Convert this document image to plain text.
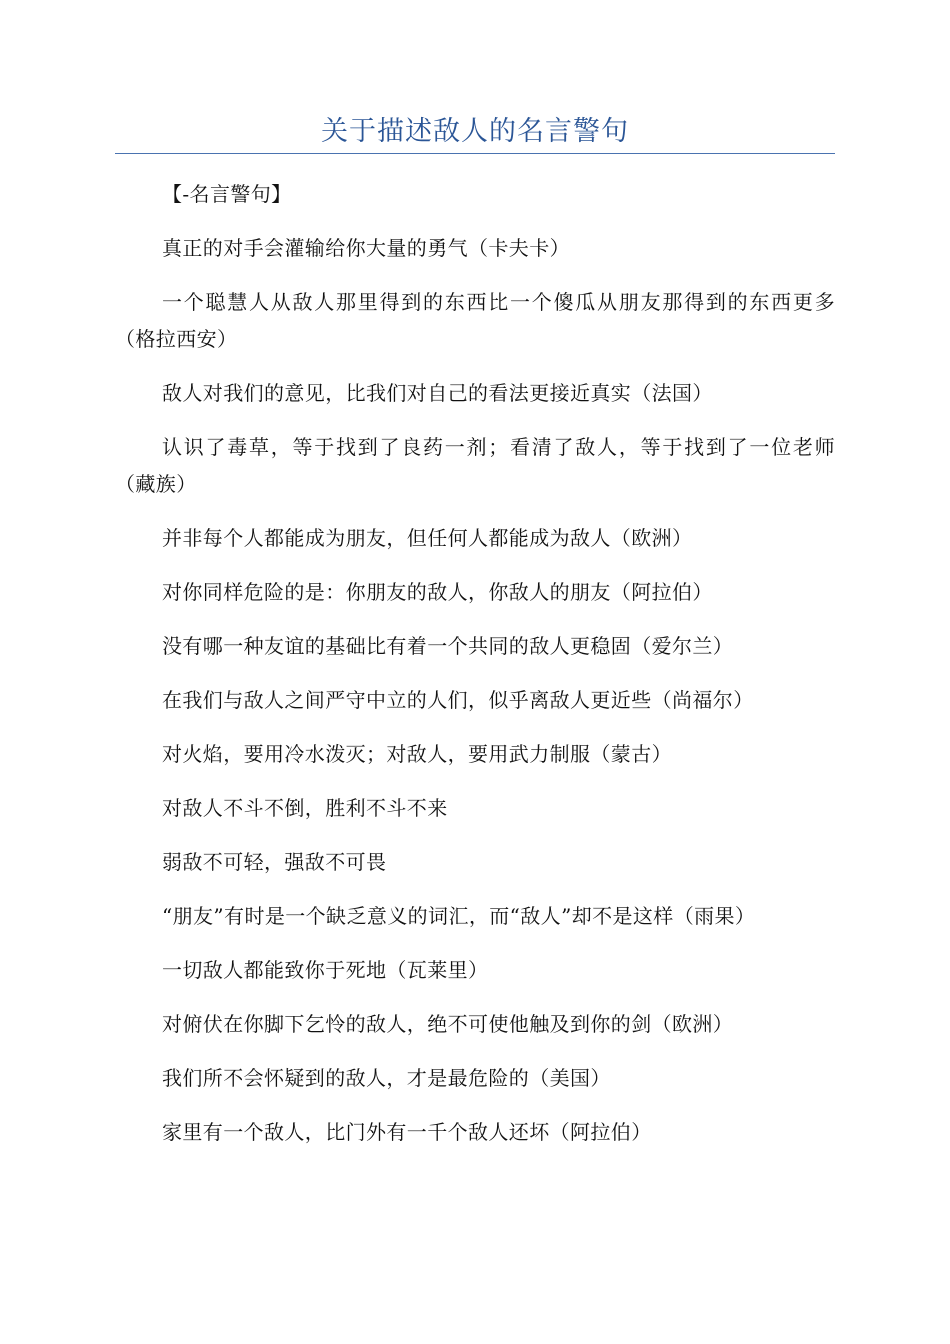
关于描述敌人的名言警句

【-名言警句】

真正的对手会灌输给你大量的勇气（卡夫卡）

一个聪慧人从敌人那里得到的东西比一个傻瓜从朋友那得到的东西更多（格拉西安）

敌人对我们的意见，比我们对自己的看法更接近真实（法国）

认识了毒草，等于找到了良药一剂；看清了敌人，等于找到了一位老师（藏族）

并非每个人都能成为朋友，但任何人都能成为敌人（欧洲）

对你同样危险的是：你朋友的敌人，你敌人的朋友（阿拉伯）

没有哪一种友谊的基础比有着一个共同的敌人更稳固（爱尔兰）

在我们与敌人之间严守中立的人们，似乎离敌人更近些（尚福尔）

对火焰，要用冷水泼灭；对敌人，要用武力制服（蒙古）

对敌人不斗不倒，胜利不斗不来

弱敌不可轻，强敌不可畏

“朋友”有时是一个缺乏意义的词汇，而“敌人”却不是这样（雨果）

一切敌人都能致你于死地（瓦莱里）

对俯伏在你脚下乞怜的敌人，绝不可使他触及到你的剑（欧洲）

我们所不会怀疑到的敌人，才是最危险的（美国）

家里有一个敌人，比门外有一千个敌人还坏（阿拉伯）
